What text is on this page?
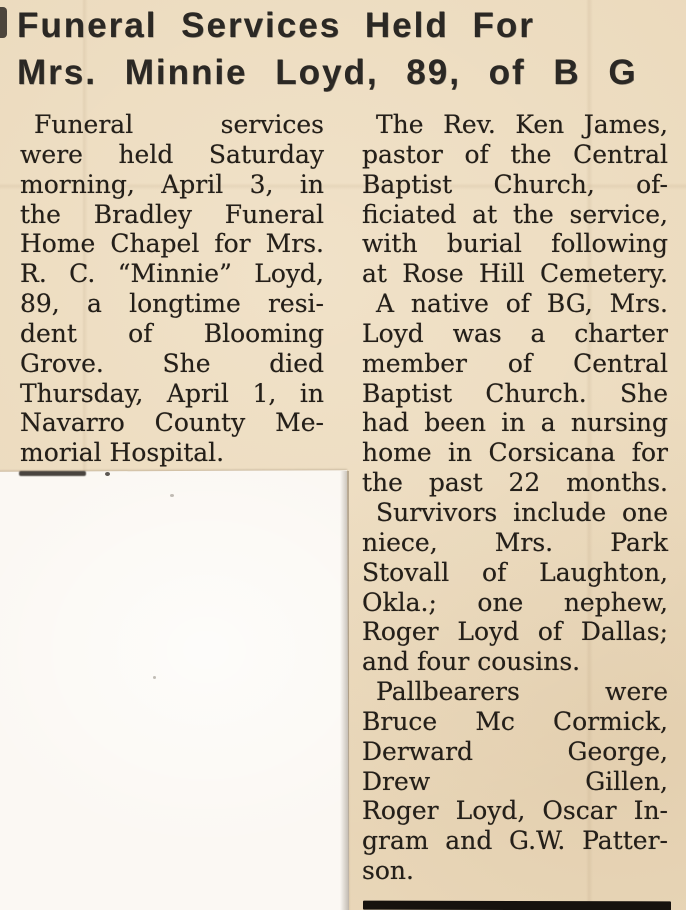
Funeral Services Held For
Mrs. Minnie Loyd, 89, of B G
Funeral services
were held Saturday
morning, April 3, in
the Bradley Funeral
Home Chapel for Mrs.
R. C. “Minnie” Loyd,
89, a longtime resi-
dent of Blooming
Grove. She died
Thursday, April 1, in
Navarro County Me-
morial Hospital.
The Rev. Ken James,
pastor of the Central
Baptist Church, of-
ficiated at the service,
with burial following
at Rose Hill Cemetery.
A native of BG, Mrs.
Loyd was a charter
member of Central
Baptist Church. She
had been in a nursing
home in Corsicana for
the past 22 months.
Survivors include one
niece, Mrs. Park
Stovall of Laughton,
Okla.; one nephew,
Roger Loyd of Dallas;
and four cousins.
Pallbearers were
Bruce Mc Cormick,
Derward George,
Drew Gillen,
Roger Loyd, Oscar In-
gram and G.W. Patter-
son.
